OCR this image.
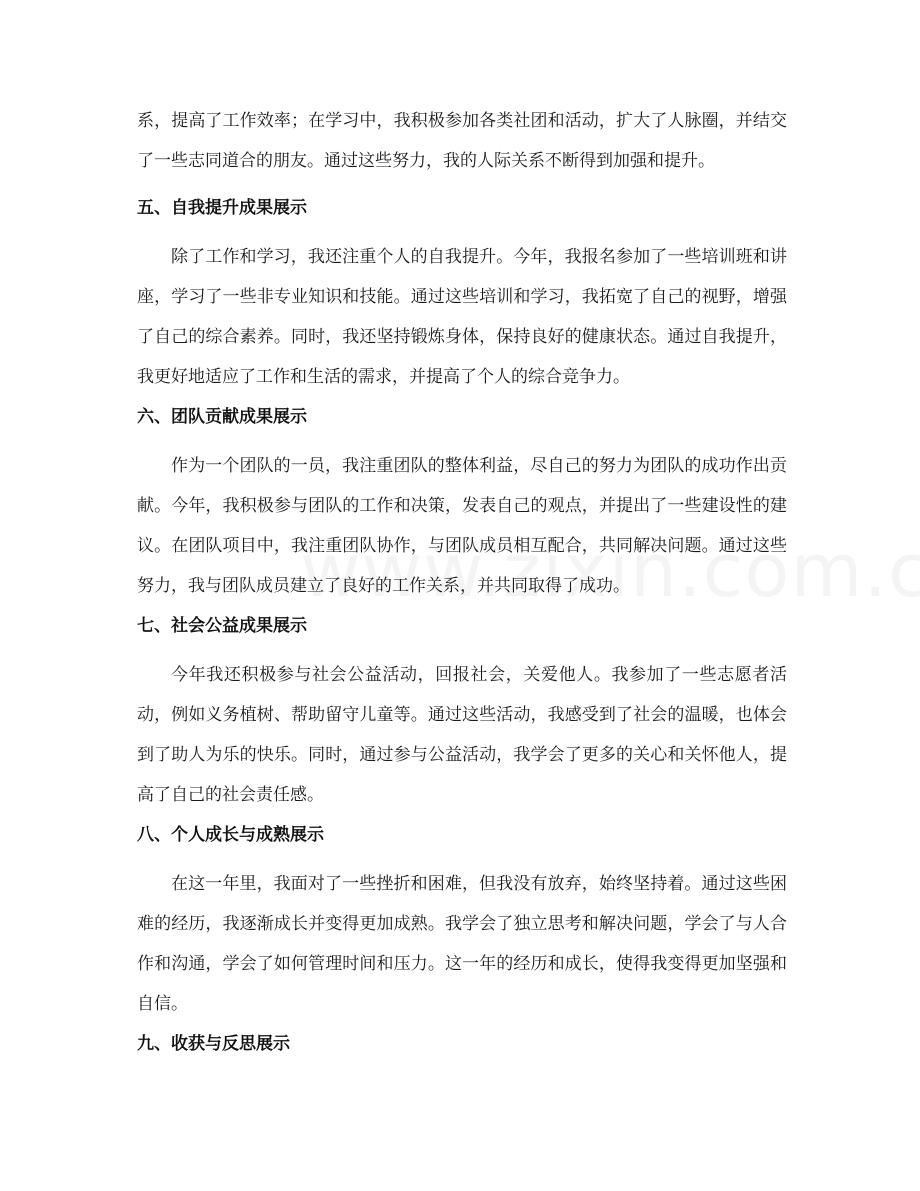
系，提高了工作效率；在学习中，我积极参加各类社团和活动，扩大了人脉圈，并结交了一些志同道合的朋友。通过这些努力，我的人际关系不断得到加强和提升。

五、自我提升成果展示

除了工作和学习，我还注重个人的自我提升。今年，我报名参加了一些培训班和讲座，学习了一些非专业知识和技能。通过这些培训和学习，我拓宽了自己的视野，增强了自己的综合素养。同时，我还坚持锻炼身体，保持良好的健康状态。通过自我提升，我更好地适应了工作和生活的需求，并提高了个人的综合竞争力。

六、团队贡献成果展示

作为一个团队的一员，我注重团队的整体利益，尽自己的努力为团队的成功作出贡献。今年，我积极参与团队的工作和决策，发表自己的观点，并提出了一些建设性的建议。在团队项目中，我注重团队协作，与团队成员相互配合，共同解决问题。通过这些努力，我与团队成员建立了良好的工作关系，并共同取得了成功。

七、社会公益成果展示

今年我还积极参与社会公益活动，回报社会，关爱他人。我参加了一些志愿者活动，例如义务植树、帮助留守儿童等。通过这些活动，我感受到了社会的温暖，也体会到了助人为乐的快乐。同时，通过参与公益活动，我学会了更多的关心和关怀他人，提高了自己的社会责任感。

八、个人成长与成熟展示

在这一年里，我面对了一些挫折和困难，但我没有放弃，始终坚持着。通过这些困难的经历，我逐渐成长并变得更加成熟。我学会了独立思考和解决问题，学会了与人合作和沟通，学会了如何管理时间和压力。这一年的经历和成长，使得我变得更加坚强和自信。

九、收获与反思展示
